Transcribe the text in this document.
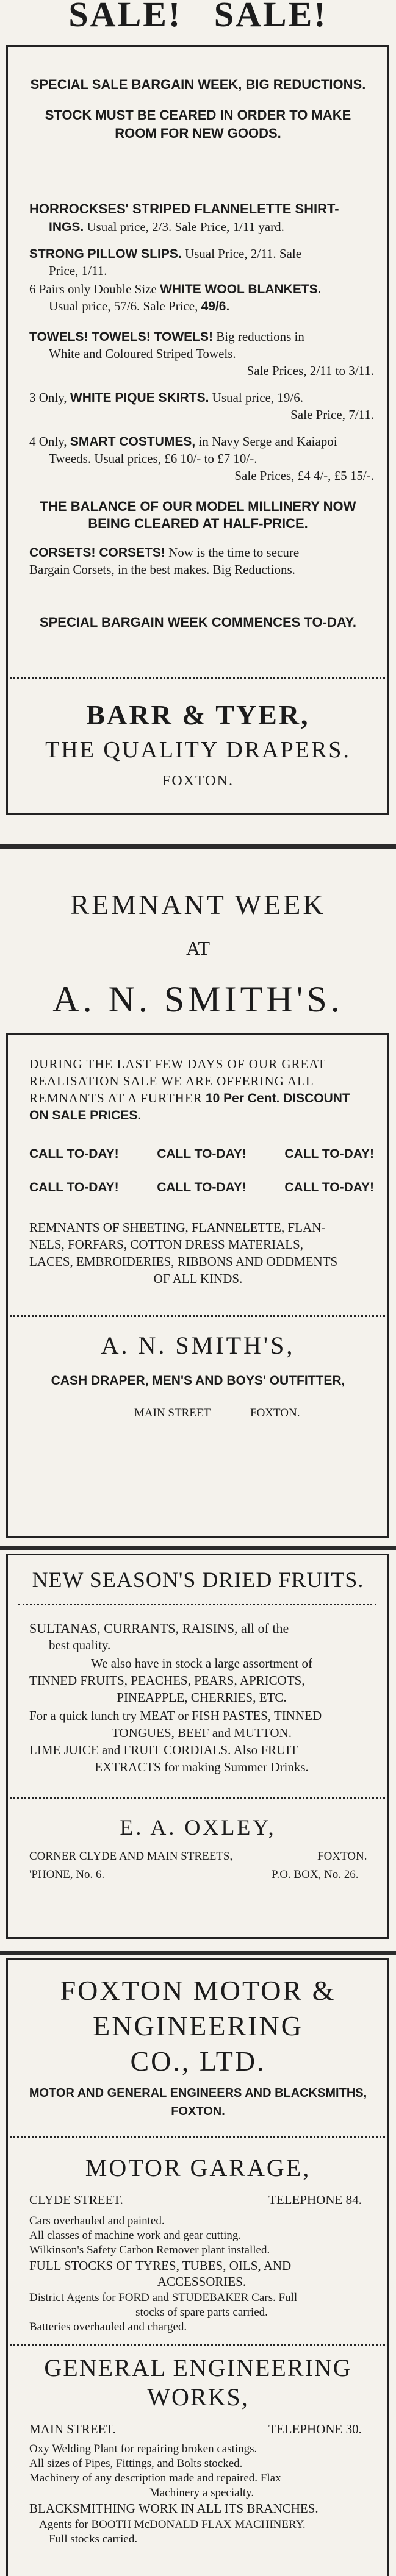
SALE!   SALE!
SPECIAL SALE BARGAIN WEEK, BIG REDUCTIONS.
STOCK MUST BE CEARED IN ORDER TO MAKE
ROOM FOR NEW GOODS.
HORROCKSES' STRIPED FLANNELETTE SHIRT-
INGS. Usual price, 2/3. Sale Price, 1/11 yard.
STRONG PILLOW SLIPS. Usual Price, 2/11. Sale
Price, 1/11.
6 Pairs only Double Size WHITE WOOL BLANKETS.
Usual price, 57/6. Sale Price, 49/6.
TOWELS! TOWELS! TOWELS! Big reductions in
White and Coloured Striped Towels.
Sale Prices, 2/11 to 3/11.
3 Only, WHITE PIQUE SKIRTS. Usual price, 19/6.
Sale Price, 7/11.
4 Only, SMART COSTUMES, in Navy Serge and Kaiapoi
Tweeds. Usual prices, £6 10/- to £7 10/-.
Sale Prices, £4 4/-, £5 15/-.
THE BALANCE OF OUR MODEL MILLINERY NOW
BEING CLEARED AT HALF-PRICE.
CORSETS! CORSETS! Now is the time to secure
Bargain Corsets, in the best makes. Big Reductions.
SPECIAL BARGAIN WEEK COMMENCES TO-DAY.
BARR & TYER,
THE QUALITY DRAPERS.
FOXTON.
REMNANT WEEK
AT
A. N. SMITH'S.
DURING THE LAST FEW DAYS OF OUR GREAT
REALISATION SALE WE ARE OFFERING ALL
REMNANTS AT A FURTHER 10 Per Cent. DISCOUNT
ON SALE PRICES.
CALL TO-DAY!	CALL TO-DAY!	CALL TO-DAY!
CALL TO-DAY!	CALL TO-DAY!	CALL TO-DAY!
REMNANTS OF SHEETING, FLANNELETTE, FLAN-
NELS, FORFARS, COTTON DRESS MATERIALS,
LACES, EMBROIDERIES, RIBBONS AND ODDMENTS
OF ALL KINDS.
A. N. SMITH'S,
CASH DRAPER, MEN'S AND BOYS' OUTFITTER,
MAIN STREET	FOXTON.
NEW SEASON'S DRIED FRUITS.
SULTANAS, CURRANTS, RAISINS, all of the
best quality.
We also have in stock a large assortment of
TINNED FRUITS, PEACHES, PEARS, APRICOTS,
PINEAPPLE, CHERRIES, ETC.
For a quick lunch try MEAT or FISH PASTES, TINNED
TONGUES, BEEF and MUTTON.
LIME JUICE and FRUIT CORDIALS. Also FRUIT
EXTRACTS for making Summer Drinks.
E. A. OXLEY,
CORNER CLYDE AND MAIN STREETS,	FOXTON.
'PHONE, No. 6.	P.O. BOX, No. 26.
FOXTON MOTOR &
ENGINEERING
CO., LTD.
MOTOR AND GENERAL ENGINEERS AND BLACKSMITHS,
FOXTON.
MOTOR GARAGE,
CLYDE STREET.	TELEPHONE 84.
Cars overhauled and painted.
All classes of machine work and gear cutting.
Wilkinson's Safety Carbon Remover plant installed.
FULL STOCKS OF TYRES, TUBES, OILS, AND
ACCESSORIES.
District Agents for FORD and STUDEBAKER Cars. Full
stocks of spare parts carried.
Batteries overhauled and charged.
GENERAL ENGINEERING
WORKS,
MAIN STREET.	TELEPHONE 30.
Oxy Welding Plant for repairing broken castings.
All sizes of Pipes, Fittings, and Bolts stocked.
Machinery of any description made and repaired. Flax
Machinery a specialty.
BLACKSMITHING WORK IN ALL ITS BRANCHES.
Agents for BOOTH McDONALD FLAX MACHINERY.
Full stocks carried.
